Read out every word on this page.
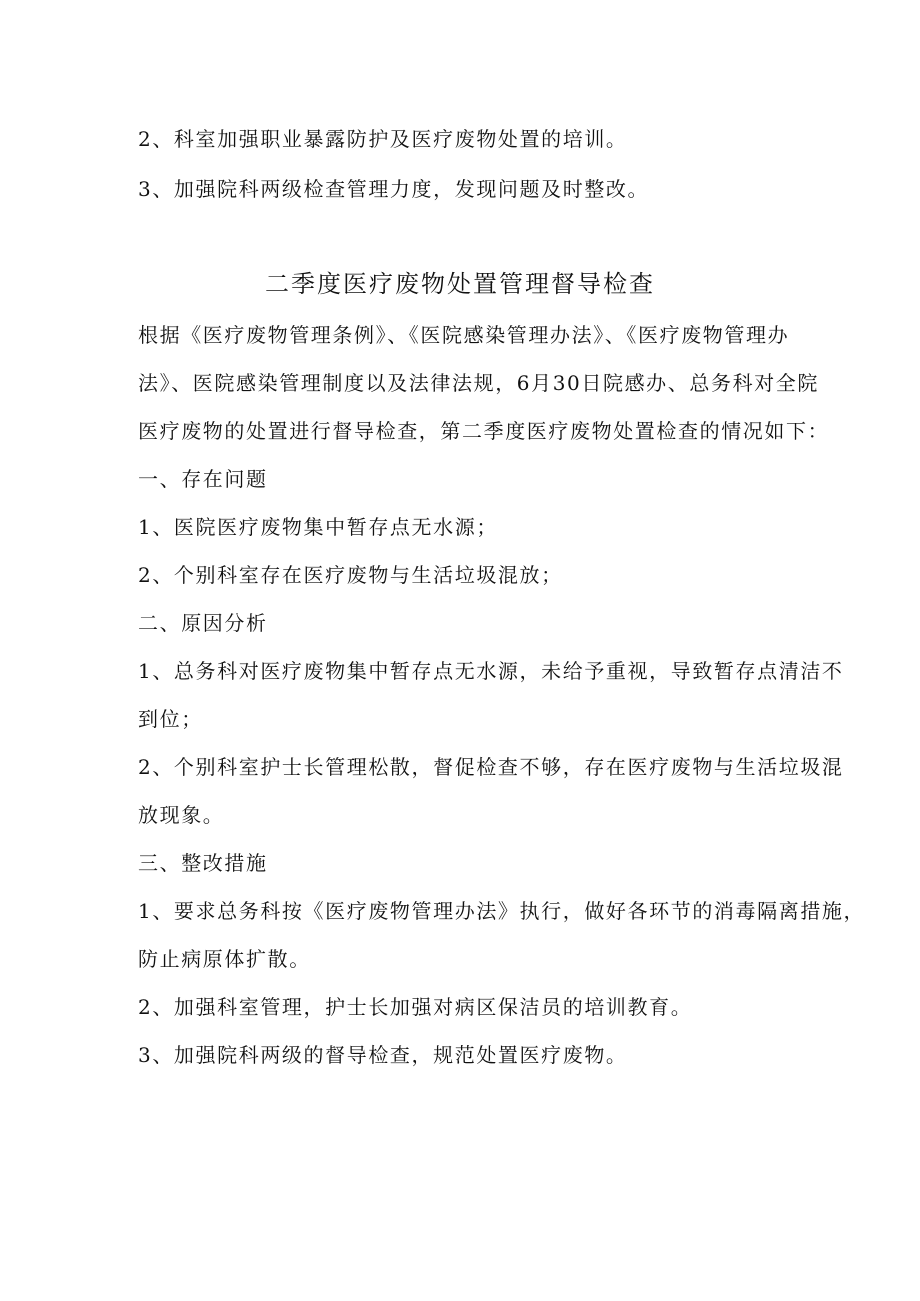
2、科室加强职业暴露防护及医疗废物处置的培训。
3、加强院科两级检查管理力度，发现问题及时整改。
二季度医疗废物处置管理督导检查
根据《医疗废物管理条例》、《医院感染管理办法》、《医疗废物管理办
法》、医院感染管理制度以及法律法规，6月30日院感办、总务科对全院
医疗废物的处置进行督导检查，第二季度医疗废物处置检查的情况如下：
一、存在问题
1、医院医疗废物集中暂存点无水源；
2、个别科室存在医疗废物与生活垃圾混放；
二、原因分析
1、总务科对医疗废物集中暂存点无水源，未给予重视，导致暂存点清洁不
到位；
2、个别科室护士长管理松散，督促检查不够，存在医疗废物与生活垃圾混
放现象。
三、整改措施
1、要求总务科按《医疗废物管理办法》执行，做好各环节的消毒隔离措施，
防止病原体扩散。
2、加强科室管理，护士长加强对病区保洁员的培训教育。
3、加强院科两级的督导检查，规范处置医疗废物。
